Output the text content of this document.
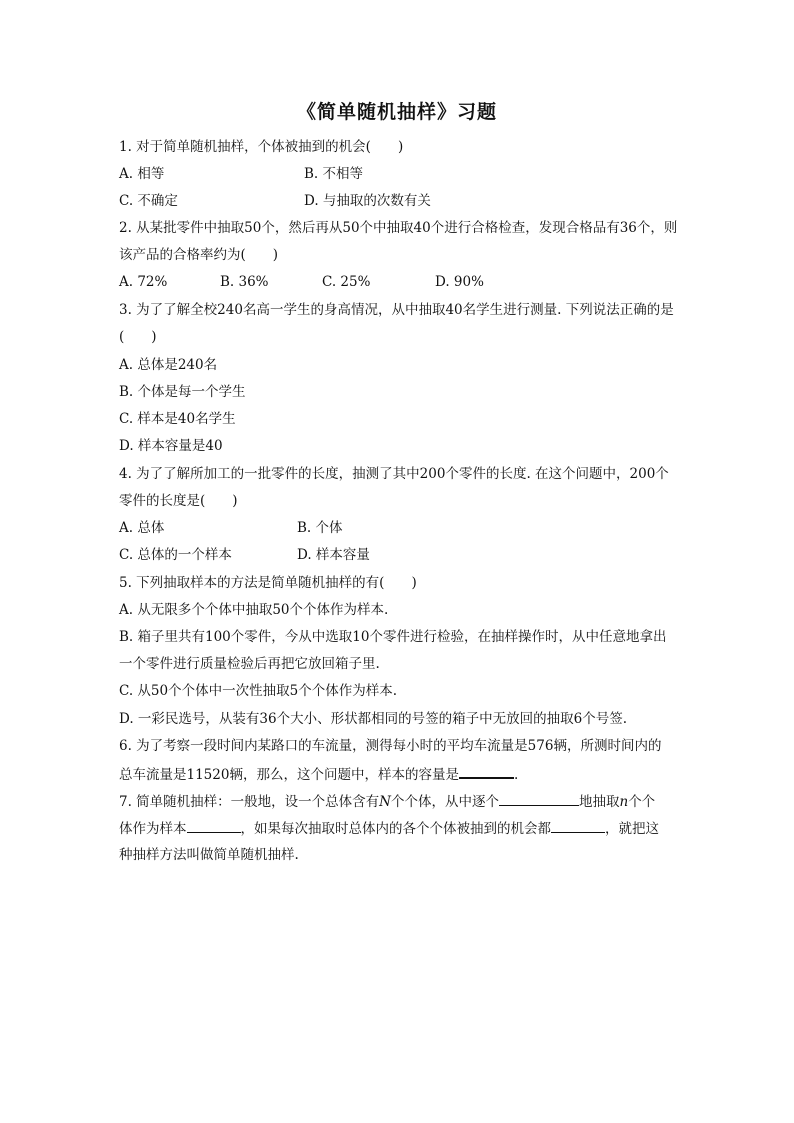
《简单随机抽样》习题
1. 对于简单随机抽样，个体被抽到的机会(　　)
A. 相等	B. 不相等
C. 不确定	D. 与抽取的次数有关
2. 从某批零件中抽取50个，然后再从50个中抽取40个进行合格检查，发现合格品有36个，则
该产品的合格率约为(　　)
A. 72%	B. 36%	C. 25%	D. 90%
3. 为了了解全校240名高一学生的身高情况，从中抽取40名学生进行测量. 下列说法正确的是
(　　)
A. 总体是240名
B. 个体是每一个学生
C. 样本是40名学生
D. 样本容量是40
4. 为了了解所加工的一批零件的长度，抽测了其中200个零件的长度. 在这个问题中，200个
零件的长度是(　　)
A. 总体	B. 个体
C. 总体的一个样本	D. 样本容量
5. 下列抽取样本的方法是简单随机抽样的有(　　)
A. 从无限多个个体中抽取50个个体作为样本.
B. 箱子里共有100个零件，今从中选取10个零件进行检验，在抽样操作时，从中任意地拿出
一个零件进行质量检验后再把它放回箱子里.
C. 从50个个体中一次性抽取5个个体作为样本.
D. 一彩民选号，从装有36个大小、形状都相同的号签的箱子中无放回的抽取6个号签.
6. 为了考察一段时间内某路口的车流量，测得每小时的平均车流量是576辆，所测时间内的
总车流量是11520辆，那么，这个问题中，样本的容量是	.
7. 简单随机抽样：一般地，设一个总体含有N个个体，从中逐个	地抽取n个个
体作为样本	，如果每次抽取时总体内的各个个体被抽到的机会都	，就把这
种抽样方法叫做简单随机抽样.
